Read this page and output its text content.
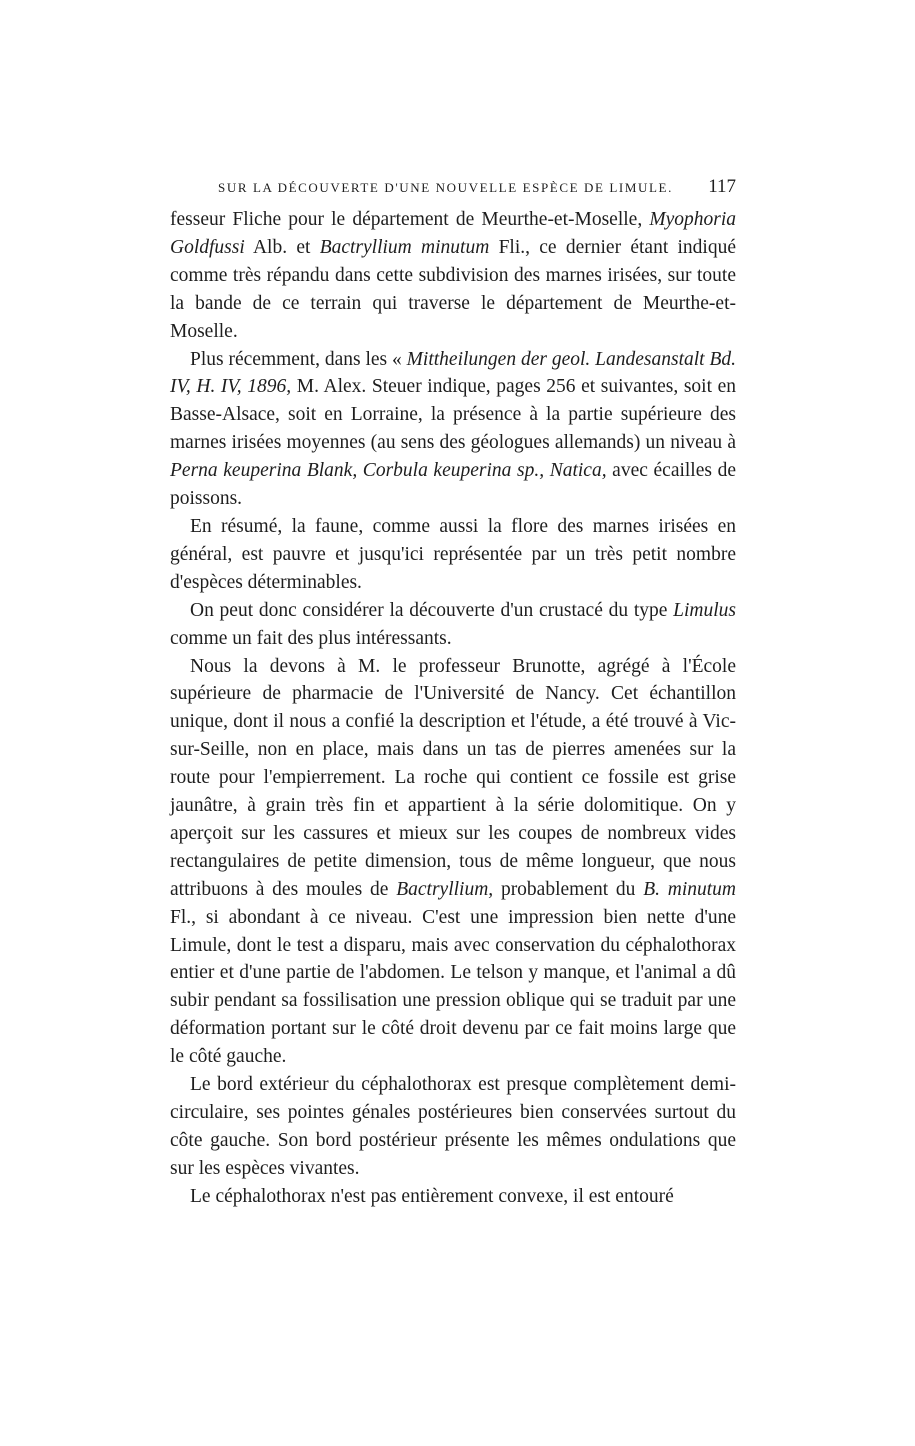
SUR LA DÉCOUVERTE D'UNE NOUVELLE ESPÈCE DE LIMULE. 117

fesseur Fliche pour le département de Meurthe-et-Moselle, Myophoria Goldfussi Alb. et Bactryllium minutum Fli., ce dernier étant indiqué comme très répandu dans cette subdivision des marnes irisées, sur toute la bande de ce terrain qui traverse le département de Meurthe-et-Moselle.

Plus récemment, dans les « Mittheilungen der geol. Landesanstalt Bd. IV, H. IV, 1896, M. Alex. Steuer indique, pages 256 et suivantes, soit en Basse-Alsace, soit en Lorraine, la présence à la partie supérieure des marnes irisées moyennes (au sens des géologues allemands) un niveau à Perna keuperina Blank, Corbula keuperina sp., Natica, avec écailles de poissons.

En résumé, la faune, comme aussi la flore des marnes irisées en général, est pauvre et jusqu'ici représentée par un très petit nombre d'espèces déterminables.

On peut donc considérer la découverte d'un crustacé du type Limulus comme un fait des plus intéressants.

Nous la devons à M. le professeur Brunotte, agrégé à l'École supérieure de pharmacie de l'Université de Nancy. Cet échantillon unique, dont il nous a confié la description et l'étude, a été trouvé à Vic-sur-Seille, non en place, mais dans un tas de pierres amenées sur la route pour l'empierrement. La roche qui contient ce fossile est grise jaunâtre, à grain très fin et appartient à la série dolomitique. On y aperçoit sur les cassures et mieux sur les coupes de nombreux vides rectangulaires de petite dimension, tous de même longueur, que nous attribuons à des moules de Bactryllium, probablement du B. minutum Fl., si abondant à ce niveau. C'est une impression bien nette d'une Limule, dont le test a disparu, mais avec conservation du céphalothorax entier et d'une partie de l'abdomen. Le telson y manque, et l'animal a dû subir pendant sa fossilisation une pression oblique qui se traduit par une déformation portant sur le côté droit devenu par ce fait moins large que le côté gauche.

Le bord extérieur du céphalothorax est presque complètement demi-circulaire, ses pointes génales postérieures bien conservées surtout du côte gauche. Son bord postérieur présente les mêmes ondulations que sur les espèces vivantes.

Le céphalothorax n'est pas entièrement convexe, il est entouré
